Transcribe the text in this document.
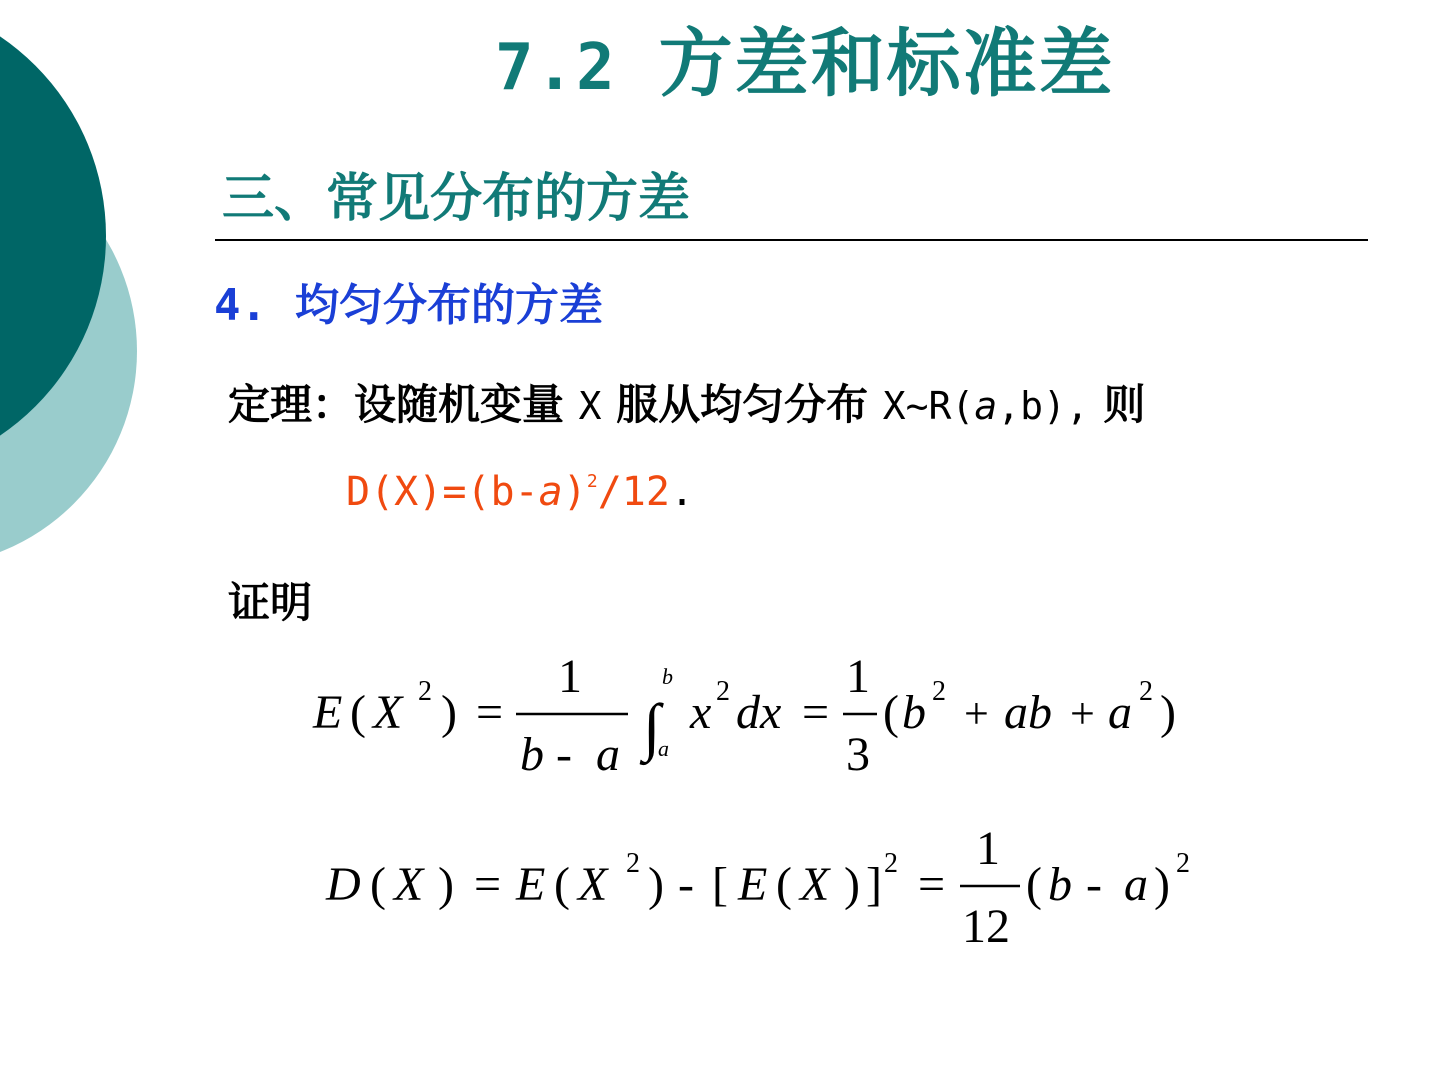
7.2 方差和标准差
三、常见分布的方差
4. 均匀分布的方差

定理：设随机变量 X 服从均匀分布 X~R(a,b), 则

$D(X)=(b-a)^2/12$.

证明

E ( X 2 ) =
1
b - a ∫
b
a
x 2 dx =
1
3
( b 2 + ab + a 2 )
D ( X ) = E ( X 2 ) - [ E ( X ) ] 2 =
1
12
( b - a ) 2
